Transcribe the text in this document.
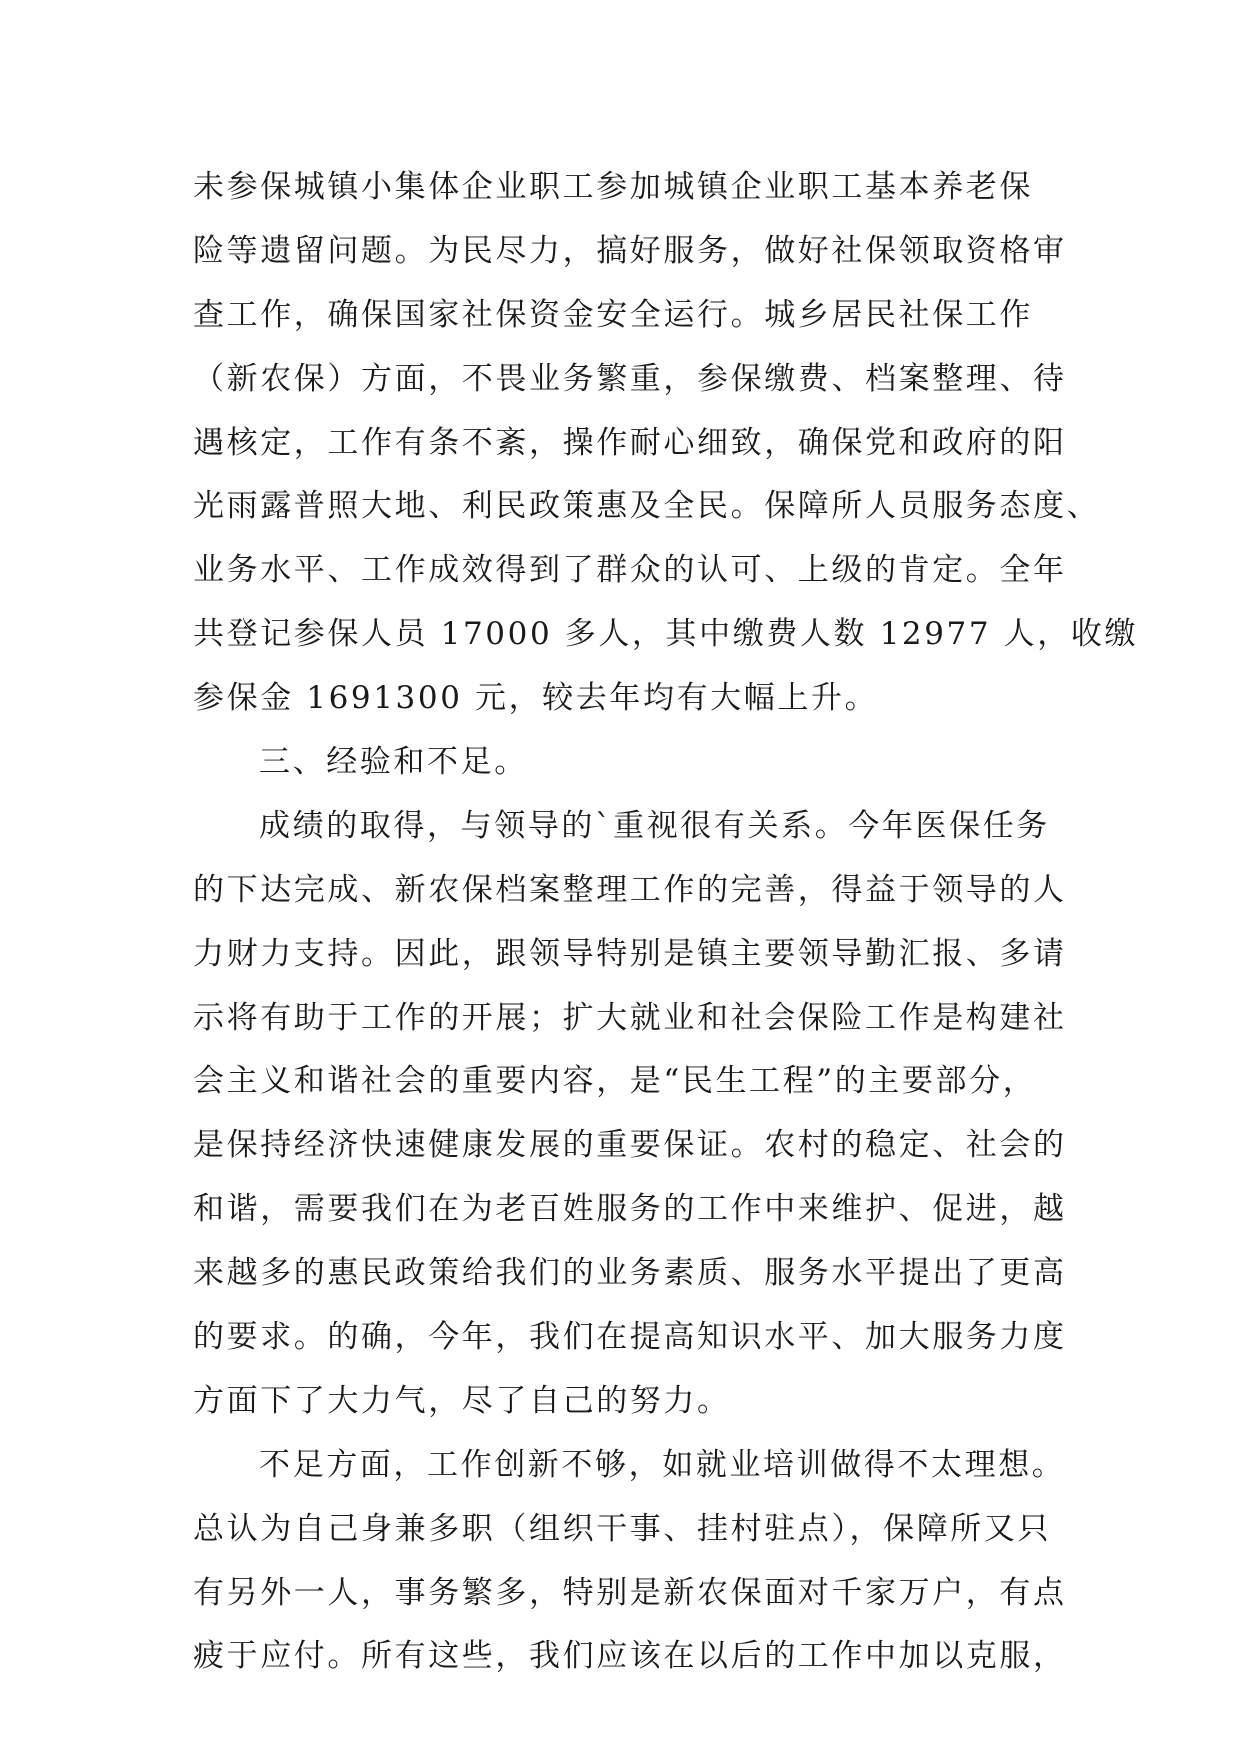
未参保城镇小集体企业职工参加城镇企业职工基本养老保
险等遗留问题。为民尽力，搞好服务，做好社保领取资格审
查工作，确保国家社保资金安全运行。城乡居民社保工作
（新农保）方面，不畏业务繁重，参保缴费、档案整理、待
遇核定，工作有条不紊，操作耐心细致，确保党和政府的阳
光雨露普照大地、利民政策惠及全民。保障所人员服务态度、
业务水平、工作成效得到了群众的认可、上级的肯定。全年
共登记参保人员 17000 多人，其中缴费人数 12977 人，收缴
参保金 1691300 元，较去年均有大幅上升。
三、经验和不足。
成绩的取得，与领导的`重视很有关系。今年医保任务
的下达完成、新农保档案整理工作的完善，得益于领导的人
力财力支持。因此，跟领导特别是镇主要领导勤汇报、多请
示将有助于工作的开展；扩大就业和社会保险工作是构建社
会主义和谐社会的重要内容，是“民生工程”的主要部分，
是保持经济快速健康发展的重要保证。农村的稳定、社会的
和谐，需要我们在为老百姓服务的工作中来维护、促进，越
来越多的惠民政策给我们的业务素质、服务水平提出了更高
的要求。的确，今年，我们在提高知识水平、加大服务力度
方面下了大力气，尽了自己的努力。
不足方面，工作创新不够，如就业培训做得不太理想。
总认为自己身兼多职（组织干事、挂村驻点），保障所又只
有另外一人，事务繁多，特别是新农保面对千家万户，有点
疲于应付。所有这些，我们应该在以后的工作中加以克服，
